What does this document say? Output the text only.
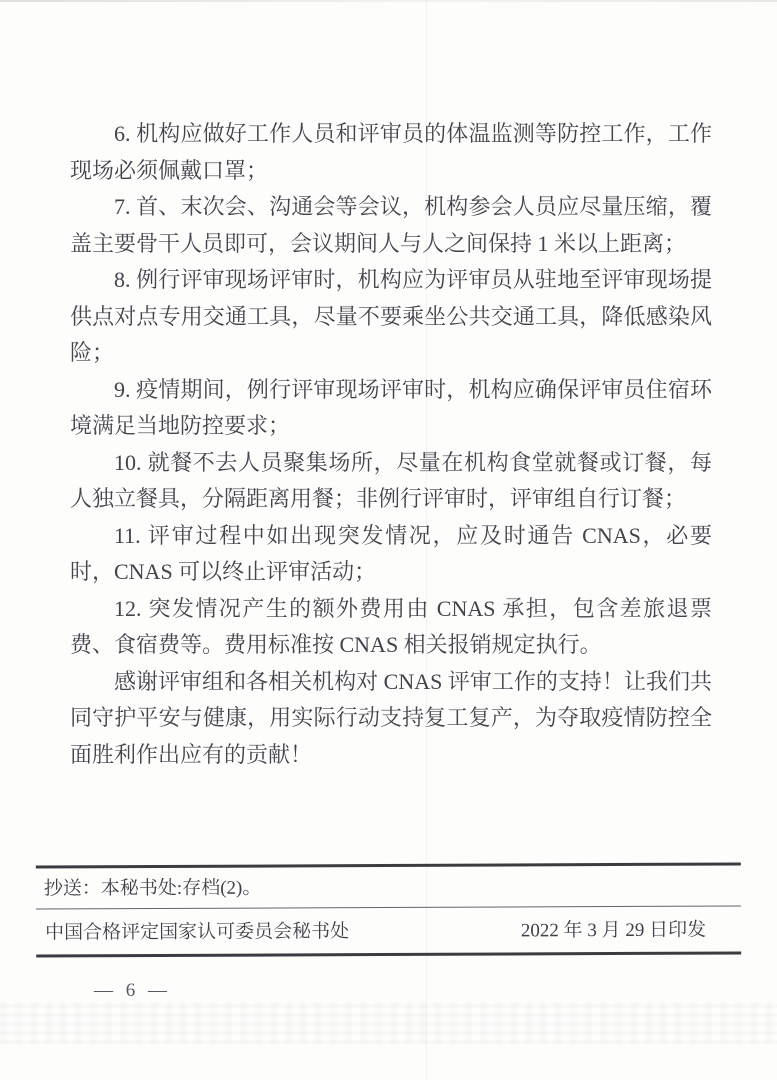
6. 机构应做好工作人员和评审员的体温监测等防控工作，工作现场必须佩戴口罩；

7. 首、末次会、沟通会等会议，机构参会人员应尽量压缩，覆盖主要骨干人员即可，会议期间人与人之间保持 1 米以上距离；

8. 例行评审现场评审时，机构应为评审员从驻地至评审现场提供点对点专用交通工具，尽量不要乘坐公共交通工具，降低感染风险；

9. 疫情期间，例行评审现场评审时，机构应确保评审员住宿环境满足当地防控要求；

10. 就餐不去人员聚集场所，尽量在机构食堂就餐或订餐，每人独立餐具，分隔距离用餐；非例行评审时，评审组自行订餐；

11. 评审过程中如出现突发情况，应及时通告 CNAS，必要时，CNAS 可以终止评审活动；

12. 突发情况产生的额外费用由 CNAS 承担，包含差旅退票费、食宿费等。费用标准按 CNAS 相关报销规定执行。

感谢评审组和各相关机构对 CNAS 评审工作的支持！让我们共同守护平安与健康，用实际行动支持复工复产，为夺取疫情防控全面胜利作出应有的贡献！

抄送：本秘书处:存档(2)。
中国合格评定国家认可委员会秘书处	2022 年 3 月 29 日印发
— 6 —
